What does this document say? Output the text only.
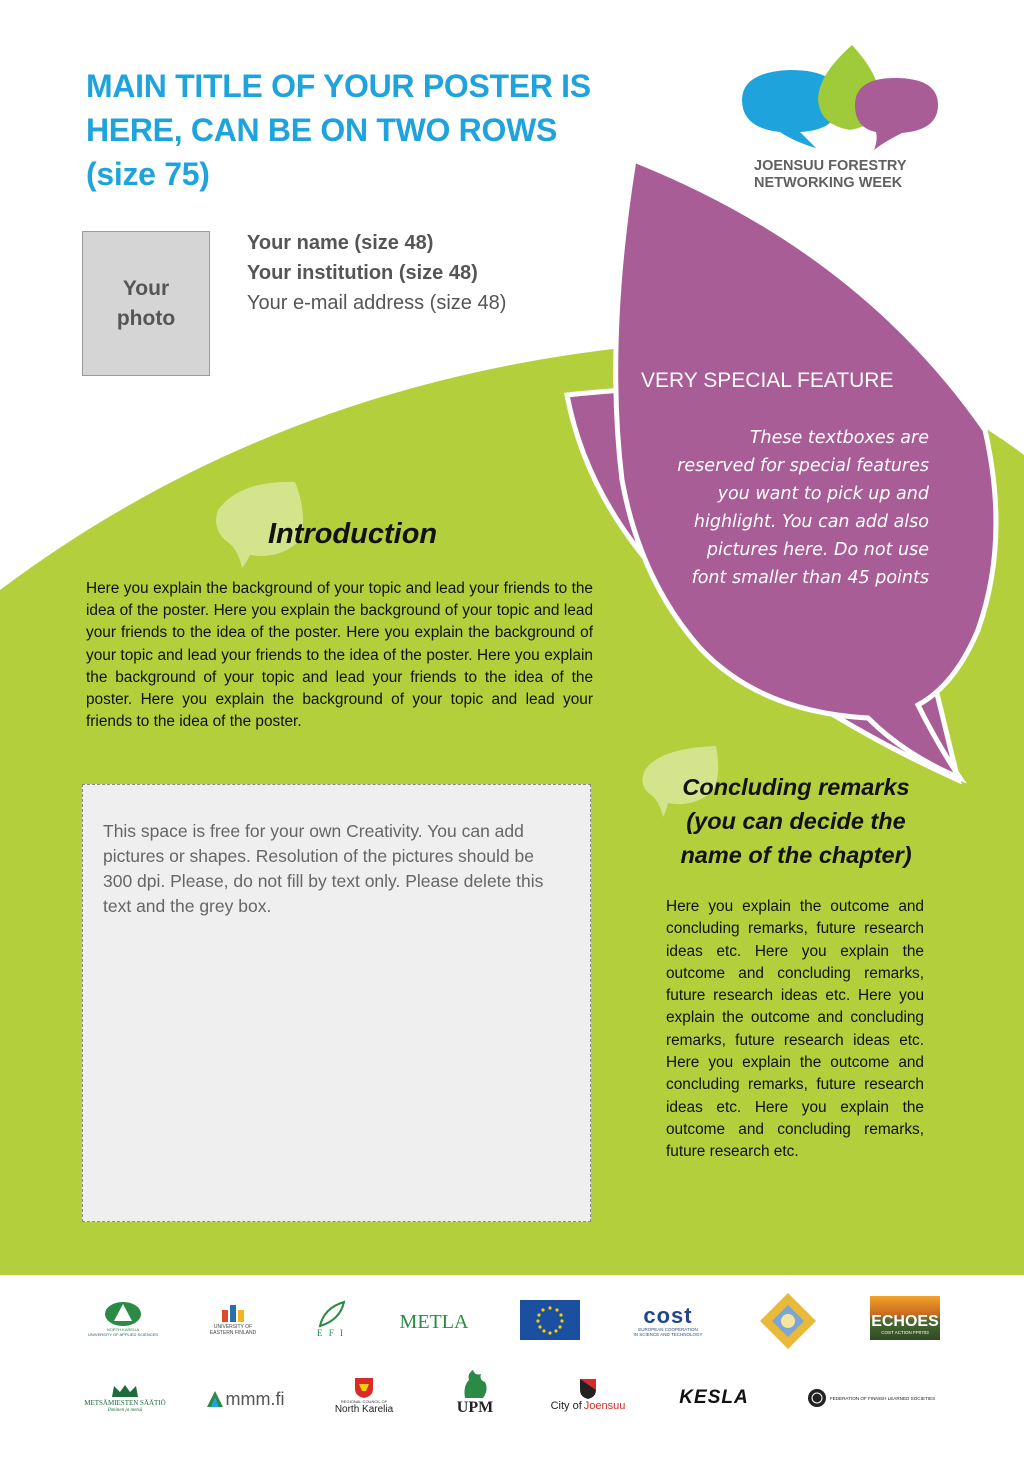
MAIN TITLE OF YOUR POSTER IS
HERE, CAN BE ON TWO ROWS
(size 75)	JOENSUU FORESTRY
NETWORKING WEEK
Your
photo
Your name (size 48)
Your institution (size 48)
Your e-mail address (size 48)
VERY SPECIAL FEATURE
These textboxes are reserved for special features you want to pick up and highlight. You can add also pictures here. Do not use font smaller than 45 points
Introduction
Here you explain the background of your topic and lead your friends to the idea of the poster. Here you explain the background of your topic and lead your friends to the idea of the poster. Here you explain the background of your topic and lead your friends to the idea of the poster. Here you explain the background of your topic and lead your friends to the idea of the poster. Here you explain the background of your topic and lead your friends to the idea of the poster.
This space is free for your own Creativity. You can add pictures or shapes. Resolution of the pictures should be 300 dpi. Please, do not fill by text only. Please delete this text and the grey box.
Concluding remarks
(you can decide the
name of the chapter)
Here you explain the outcome and concluding remarks, future research ideas etc. Here you explain the outcome and concluding remarks, future research ideas etc. Here you explain the outcome and concluding remarks, future research ideas etc. Here you explain the outcome and concluding remarks, future research ideas etc. Here you explain the outcome and concluding remarks, future research etc.
NORTH KARELIA
UNIVERSITY OF APPLIED SCIENCES
UNIVERSITY OF
EASTERN FINLAND	E F I
METLA	cost
EUROPEAN COOPERATION
IN SCIENCE AND TECHNOLOGY
ECHOES
COST ACTION FP0703
METSÄMIESTEN SÄÄTIÖ
Ihminen ja metsä
mmm.fi	REGIONAL COUNCIL OF
North Karelia	UPM	City of Joensuu	KESLA	FEDERATION OF FINNISH LEARNED SOCIETIES
